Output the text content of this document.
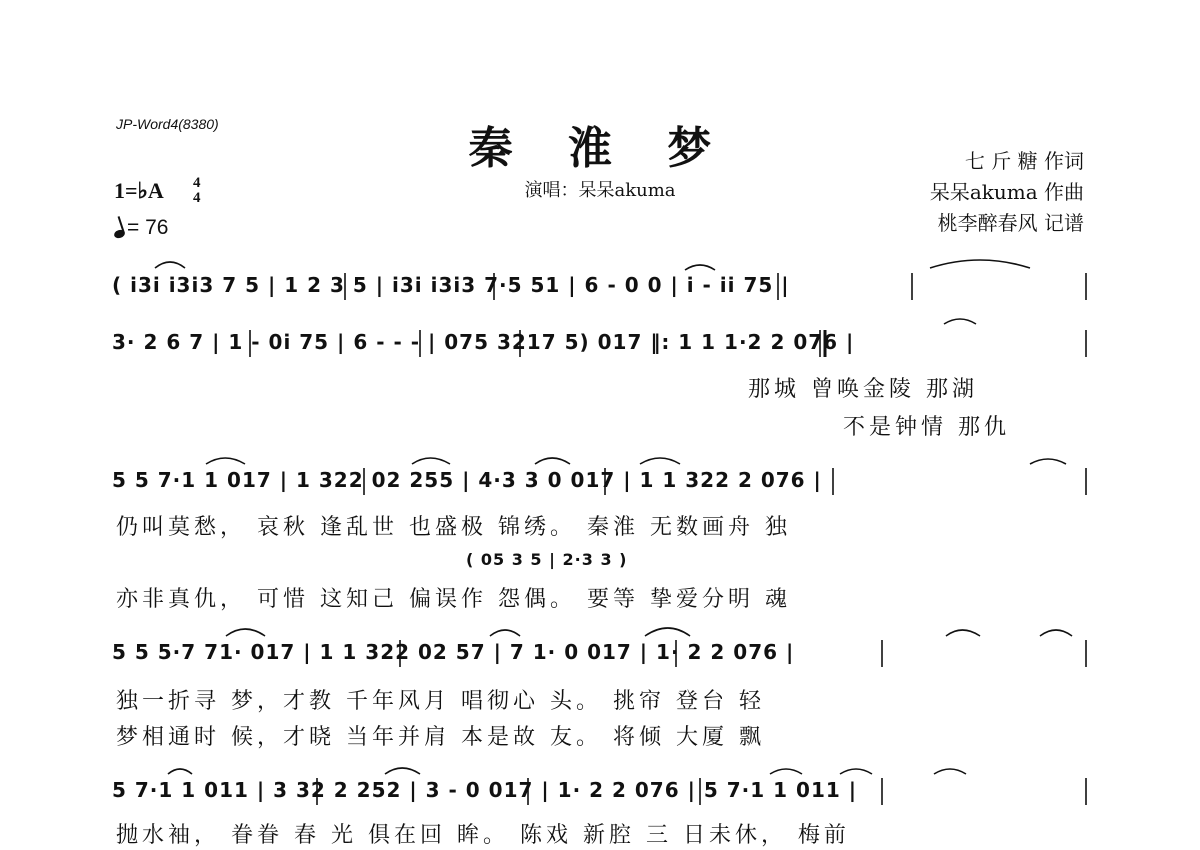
JP-Word4(8380)	秦 淮 梦
演唱：呆呆akuma
七 斤 糖 作词
呆呆akuma 作曲
桃李醉春风 记谱
1=♭A 4
4
= 76
( i̇3i̇ i̇3i̇3 7 5 | 1 2 3 5 | i̇3i̇ i̇3i̇3 7·5 51 | 6 - 0 0 | i̇ - i̇i̇ 75 |
3· 2 6 7 | 1 - 0i̇ 75 | 6 - - - | 075 3217 5) 017 ‖: 1 1 1·2 2 076 |
那城 曾唤金陵 那湖
不是钟情 那仇
5 5 7·1 1 017 | 1 322 02 255 | 4·3 3 0 017 | 1 1 322 2 076 |
仍叫莫愁， 哀秋 逢乱世 也盛极 锦绣。 秦淮 无数画舟 独
( 05 3 5 | 2·3 3 )
亦非真仇， 可惜 这知己 偏误作 怨偶。 要等 挚爱分明 魂
5 5 5·7 71· 017 | 1 1 322 02 57 | 7 1· 0 017 | 1· 2 2 076 |
独一折寻 梦，才教 千年风月 唱彻心 头。 挑帘 登台 轻
梦相通时 候，才晓 当年并肩 本是故 友。 将倾 大厦 飘
5 7·1 1 011 | 3 32 2 252 | 3 - 0 017 | 1· 2 2 076 | 5 7·1 1 011 |
抛水袖， 眷眷 春 光 俱在回 眸。 陈戏 新腔 三 日未休， 梅前
